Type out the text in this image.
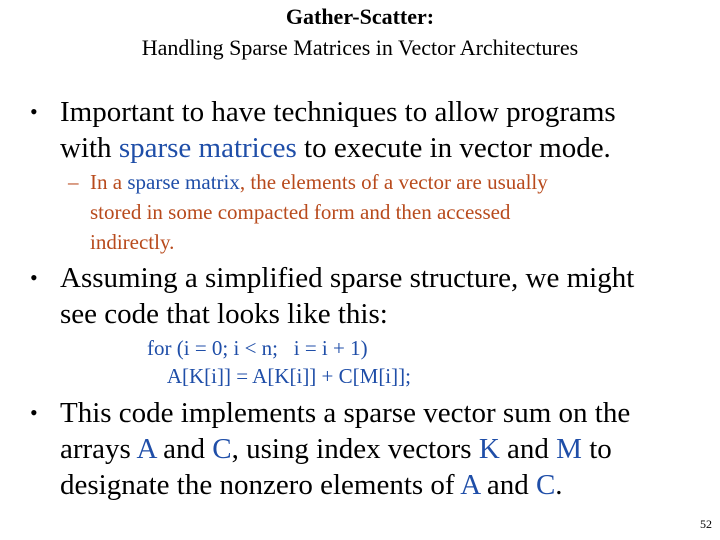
Gather-Scatter:
Handling Sparse Matrices in Vector Architectures
• Important to have techniques to allow programs
with sparse matrices to execute in vector mode.
– In a sparse matrix, the elements of a vector are usually
stored in some compacted form and then accessed
indirectly.
• Assuming a simplified sparse structure, we might
see code that looks like this:
for (i = 0; i < n;   i = i + 1)
A[K[i]] = A[K[i]] + C[M[i]];
• This code implements a sparse vector sum on the
arrays A and C, using index vectors K and M to
designate the nonzero elements of A and C.
52
